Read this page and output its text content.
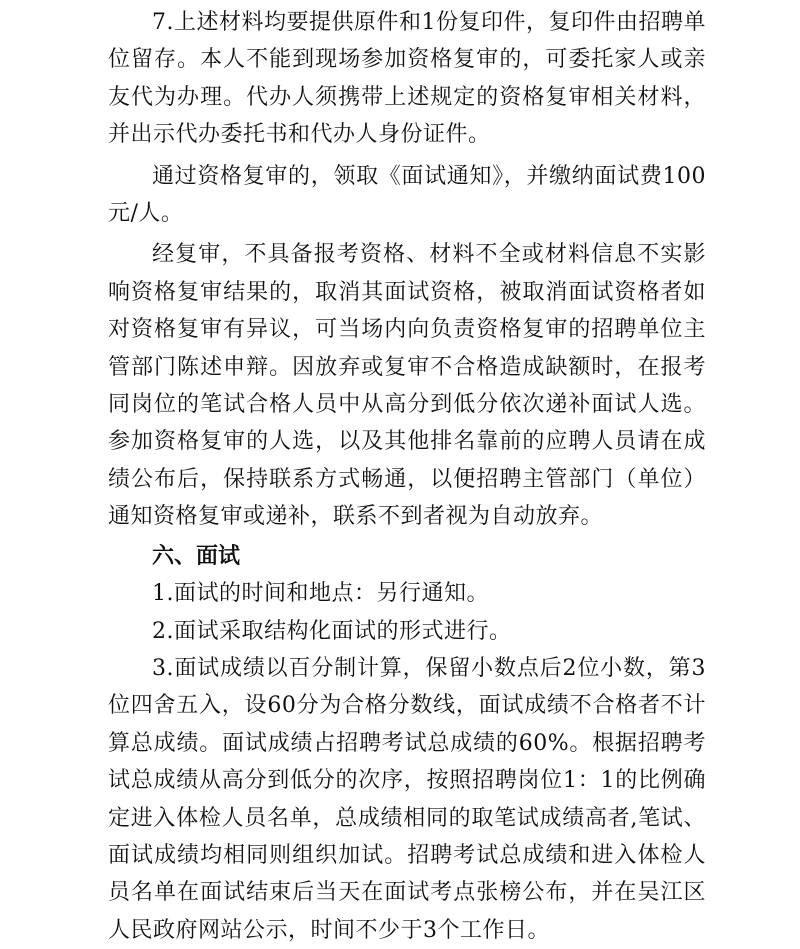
7.上述材料均要提供原件和1份复印件，复印件由招聘单位留存。本人不能到现场参加资格复审的，可委托家人或亲友代为办理。代办人须携带上述规定的资格复审相关材料，并出示代办委托书和代办人身份证件。

通过资格复审的，领取《面试通知》，并缴纳面试费100元/人。

经复审，不具备报考资格、材料不全或材料信息不实影响资格复审结果的，取消其面试资格，被取消面试资格者如对资格复审有异议，可当场内向负责资格复审的招聘单位主管部门陈述申辩。因放弃或复审不合格造成缺额时，在报考同岗位的笔试合格人员中从高分到低分依次递补面试人选。参加资格复审的人选，以及其他排名靠前的应聘人员请在成绩公布后，保持联系方式畅通，以便招聘主管部门（单位）通知资格复审或递补，联系不到者视为自动放弃。

六、面试

1.面试的时间和地点：另行通知。

2.面试采取结构化面试的形式进行。

3.面试成绩以百分制计算，保留小数点后2位小数，第3位四舍五入，设60分为合格分数线，面试成绩不合格者不计算总成绩。面试成绩占招聘考试总成绩的60%。根据招聘考试总成绩从高分到低分的次序，按照招聘岗位1：1的比例确定进入体检人员名单，总成绩相同的取笔试成绩高者,笔试、面试成绩均相同则组织加试。招聘考试总成绩和进入体检人员名单在面试结束后当天在面试考点张榜公布，并在吴江区人民政府网站公示，时间不少于3个工作日。
